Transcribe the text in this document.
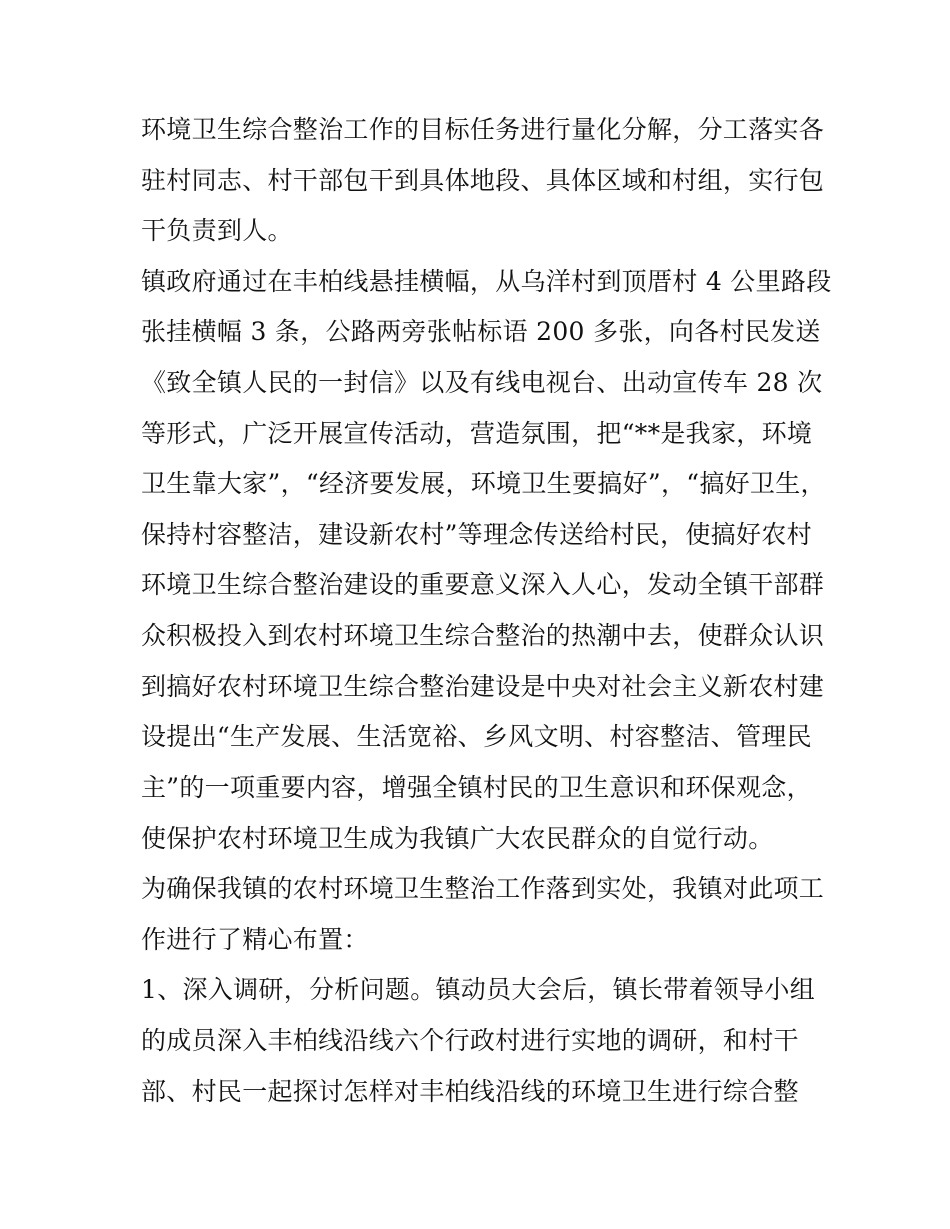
环境卫生综合整治工作的目标任务进行量化分解，分工落实各
驻村同志、村干部包干到具体地段、具体区域和村组，实行包
干负责到人。
镇政府通过在丰柏线悬挂横幅，从乌洋村到顶厝村 4 公里路段
张挂横幅 3 条，公路两旁张帖标语 200 多张，向各村民发送
《致全镇人民的一封信》以及有线电视台、出动宣传车 28 次
等形式，广泛开展宣传活动，营造氛围，把“**是我家，环境
卫生靠大家”，“经济要发展，环境卫生要搞好”，“搞好卫生，
保持村容整洁，建设新农村”等理念传送给村民，使搞好农村
环境卫生综合整治建设的重要意义深入人心，发动全镇干部群
众积极投入到农村环境卫生综合整治的热潮中去，使群众认识
到搞好农村环境卫生综合整治建设是中央对社会主义新农村建
设提出“生产发展、生活宽裕、乡风文明、村容整洁、管理民
主”的一项重要内容，增强全镇村民的卫生意识和环保观念，
使保护农村环境卫生成为我镇广大农民群众的自觉行动。
为确保我镇的农村环境卫生整治工作落到实处，我镇对此项工
作进行了精心布置：
1、深入调研，分析问题。镇动员大会后，镇长带着领导小组
的成员深入丰柏线沿线六个行政村进行实地的调研，和村干
部、村民一起探讨怎样对丰柏线沿线的环境卫生进行综合整
